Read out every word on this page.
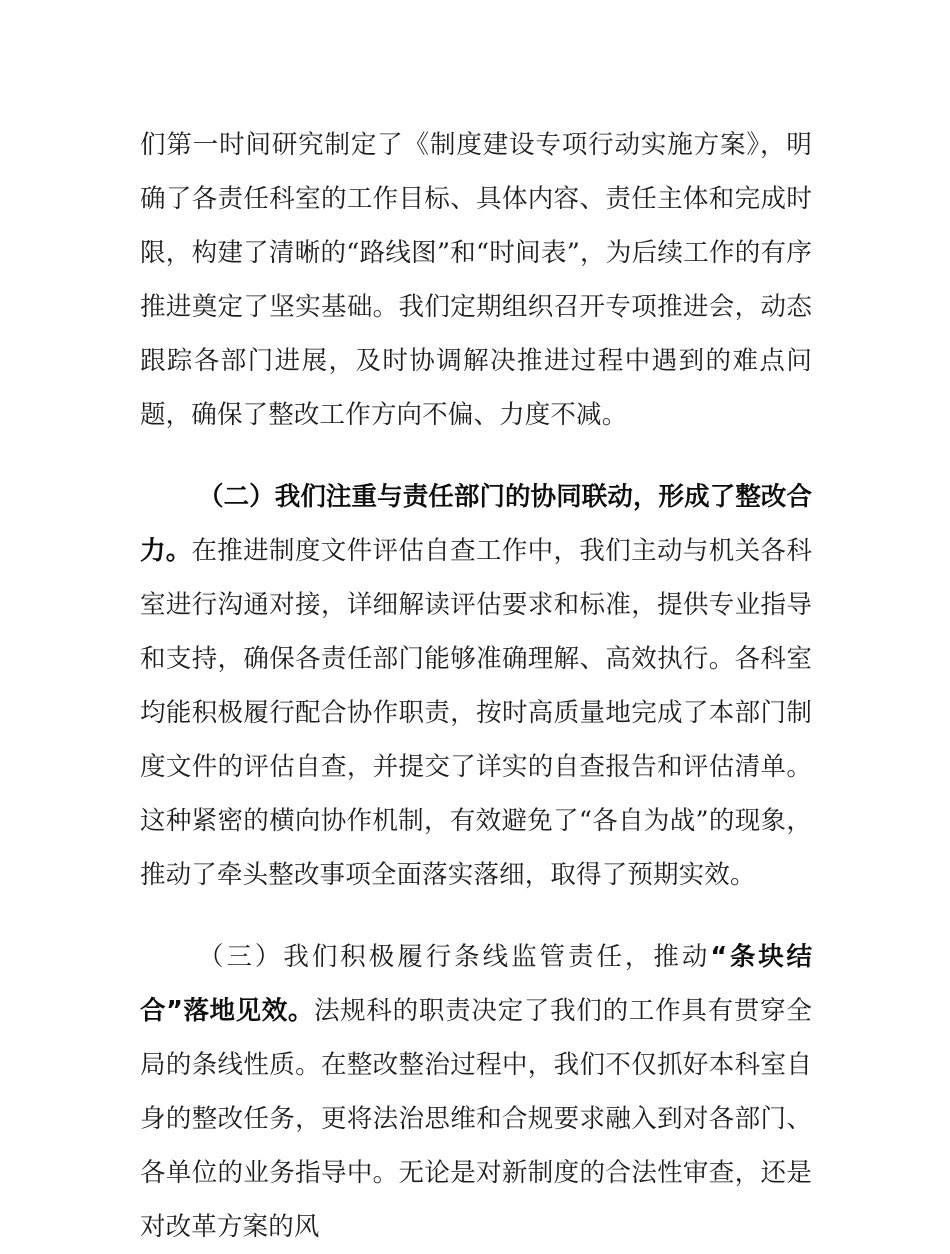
们第一时间研究制定了《制度建设专项行动实施方案》，明确了各责任科室的工作目标、具体内容、责任主体和完成时限，构建了清晰的“路线图”和“时间表”，为后续工作的有序推进奠定了坚实基础。我们定期组织召开专项推进会，动态跟踪各部门进展，及时协调解决推进过程中遇到的难点问题，确保了整改工作方向不偏、力度不减。

（二）我们注重与责任部门的协同联动，形成了整改合力。在推进制度文件评估自查工作中，我们主动与机关各科室进行沟通对接，详细解读评估要求和标准，提供专业指导和支持，确保各责任部门能够准确理解、高效执行。各科室均能积极履行配合协作职责，按时高质量地完成了本部门制度文件的评估自查，并提交了详实的自查报告和评估清单。这种紧密的横向协作机制，有效避免了“各自为战”的现象，推动了牵头整改事项全面落实落细，取得了预期实效。

（三）我们积极履行条线监管责任，推动“条块结合”落地见效。法规科的职责决定了我们的工作具有贯穿全局的条线性质。在整改整治过程中，我们不仅抓好本科室自身的整改任务，更将法治思维和合规要求融入到对各部门、各单位的业务指导中。无论是对新制度的合法性审查，还是对改革方案的风
